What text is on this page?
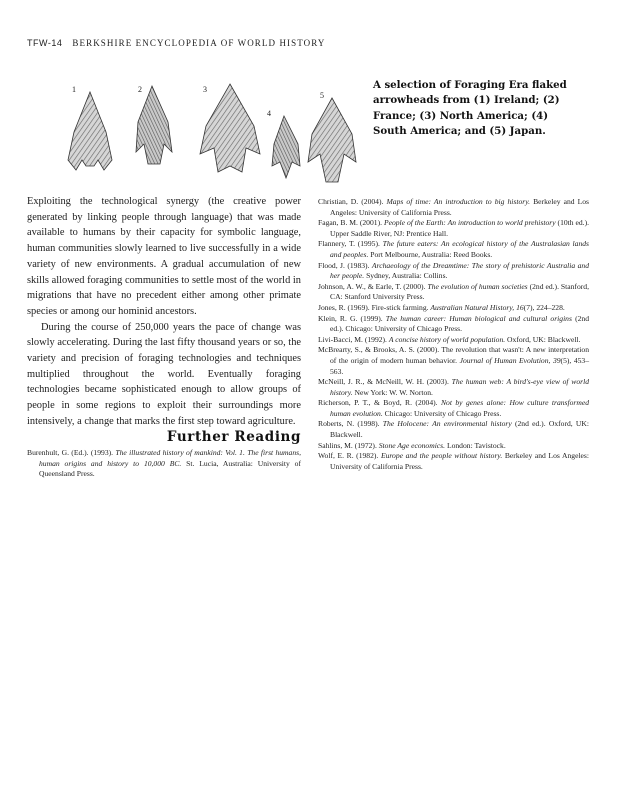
TFW-14 BERKSHIRE ENCYCLOPEDIA OF WORLD HISTORY
1	2	3
4
5
A selection of Foraging Era flaked arrowheads from (1) Ireland; (2) France; (3) North America; (4) South America; and (5) Japan.

Exploiting the technological synergy (the creative power generated by linking people through language) that was made available to humans by their capacity for symbolic language, human communities slowly learned to live successfully in a wide variety of new environments. A gradual accumulation of new skills allowed foraging communities to settle most of the world in migrations that have no precedent either among other primate species or among our hominid ancestors.

During the course of 250,000 years the pace of change was slowly accelerating. During the last fifty thousand years or so, the variety and precision of foraging technologies and techniques multiplied throughout the world. Eventually foraging technologies became sophisticated enough to allow groups of people in some regions to exploit their surroundings more intensively, a change that marks the first step toward agriculture.

Further Reading
Burenhult, G. (Ed.). (1993). The illustrated history of mankind: Vol. 1. The first humans, human origins and history to 10,000 BC. St. Lucia, Australia: University of Queensland Press.
Christian, D. (2004). Maps of time: An introduction to big history. Berkeley and Los Angeles: University of California Press.
Fagan, B. M. (2001). People of the Earth: An introduction to world prehistory (10th ed.). Upper Saddle River, NJ: Prentice Hall.
Flannery, T. (1995). The future eaters: An ecological history of the Australasian lands and peoples. Port Melbourne, Australia: Reed Books.
Flood, J. (1983). Archaeology of the Dreamtime: The story of prehistoric Australia and her people. Sydney, Australia: Collins.
Johnson, A. W., & Earle, T. (2000). The evolution of human societies (2nd ed.). Stanford, CA: Stanford University Press.
Jones, R. (1969). Fire-stick farming. Australian Natural History, 16(7), 224–228.
Klein, R. G. (1999). The human career: Human biological and cultural origins (2nd ed.). Chicago: University of Chicago Press.
Livi-Bacci, M. (1992). A concise history of world population. Oxford, UK: Blackwell.
McBrearty, S., & Brooks, A. S. (2000). The revolution that wasn't: A new interpretation of the origin of modern human behavior. Journal of Human Evolution, 39(5), 453–563.
McNeill, J. R., & McNeill, W. H. (2003). The human web: A bird's-eye view of world history. New York: W. W. Norton.
Richerson, P. T., & Boyd, R. (2004). Not by genes alone: How culture transformed human evolution. Chicago: University of Chicago Press.
Roberts, N. (1998). The Holocene: An environmental history (2nd ed.). Oxford, UK: Blackwell.
Sahlins, M. (1972). Stone Age economics. London: Tavistock.
Wolf, E. R. (1982). Europe and the people without history. Berkeley and Los Angeles: University of California Press.
